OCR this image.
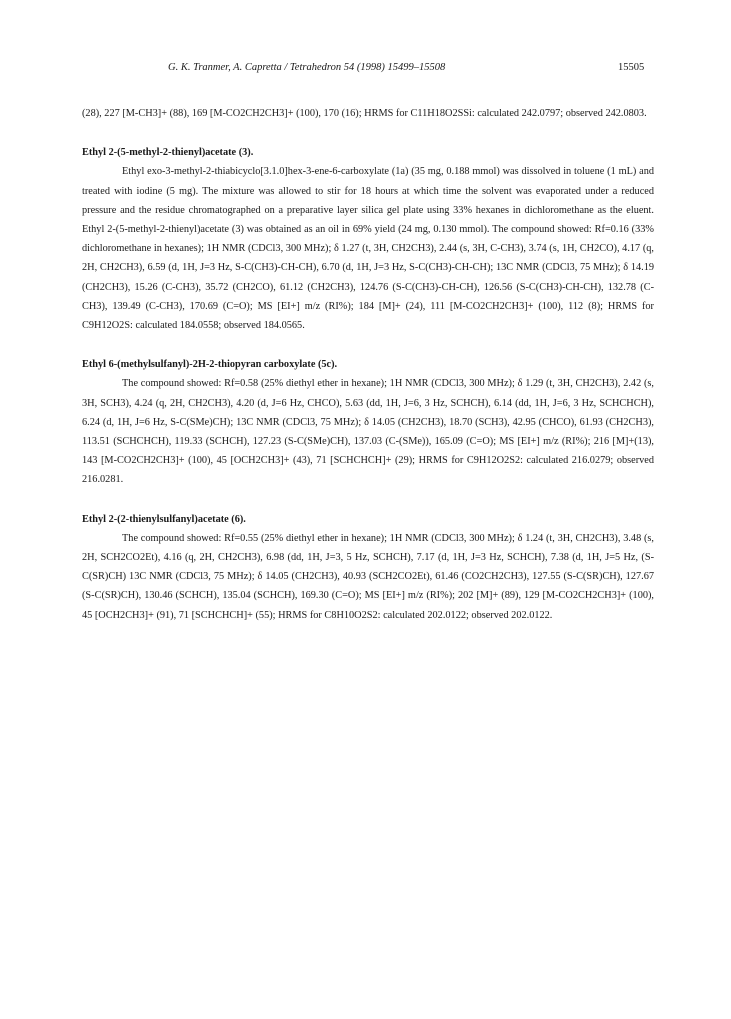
G. K. Tranmer, A. Capretta / Tetrahedron 54 (1998) 15499–15508	15505

(28), 227 [M-CH3]+ (88), 169 [M-CO2CH2CH3]+ (100), 170 (16); HRMS for C11H18O2SSi: calculated 242.0797; observed 242.0803.

Ethyl 2-(5-methyl-2-thienyl)acetate (3).

Ethyl exo-3-methyl-2-thiabicyclo[3.1.0]hex-3-ene-6-carboxylate (1a) (35 mg, 0.188 mmol) was dissolved in toluene (1 mL) and treated with iodine (5 mg). The mixture was allowed to stir for 18 hours at which time the solvent was evaporated under a reduced pressure and the residue chromatographed on a preparative layer silica gel plate using 33% hexanes in dichloromethane as the eluent. Ethyl 2-(5-methyl-2-thienyl)acetate (3) was obtained as an oil in 69% yield (24 mg, 0.130 mmol). The compound showed: Rf=0.16 (33% dichloromethane in hexanes); 1H NMR (CDCl3, 300 MHz); δ 1.27 (t, 3H, CH2CH3), 2.44 (s, 3H, C-CH3), 3.74 (s, 1H, CH2CO), 4.17 (q, 2H, CH2CH3), 6.59 (d, 1H, J=3 Hz, S-C(CH3)-CH-CH), 6.70 (d, 1H, J=3 Hz, S-C(CH3)-CH-CH); 13C NMR (CDCl3, 75 MHz); δ 14.19 (CH2CH3), 15.26 (C-CH3), 35.72 (CH2CO), 61.12 (CH2CH3), 124.76 (S-C(CH3)-CH-CH), 126.56 (S-C(CH3)-CH-CH), 132.78 (C-CH3), 139.49 (C-CH3), 170.69 (C=O); MS [EI+] m/z (RI%); 184 [M]+ (24), 111 [M-CO2CH2CH3]+ (100), 112 (8); HRMS for C9H12O2S: calculated 184.0558; observed 184.0565.

Ethyl 6-(methylsulfanyl)-2H-2-thiopyran carboxylate (5c).

The compound showed: Rf=0.58 (25% diethyl ether in hexane); 1H NMR (CDCl3, 300 MHz); δ 1.29 (t, 3H, CH2CH3), 2.42 (s, 3H, SCH3), 4.24 (q, 2H, CH2CH3), 4.20 (d, J=6 Hz, CHCO), 5.63 (dd, 1H, J=6, 3 Hz, SCHCH), 6.14 (dd, 1H, J=6, 3 Hz, SCHCHCH), 6.24 (d, 1H, J=6 Hz, S-C(SMe)CH); 13C NMR (CDCl3, 75 MHz); δ 14.05 (CH2CH3), 18.70 (SCH3), 42.95 (CHCO), 61.93 (CH2CH3), 113.51 (SCHCHCH), 119.33 (SCHCH), 127.23 (S-C(SMe)CH), 137.03 (C-(SMe)), 165.09 (C=O); MS [EI+] m/z (RI%); 216 [M]+(13), 143 [M-CO2CH2CH3]+ (100), 45 [OCH2CH3]+ (43), 71 [SCHCHCH]+ (29); HRMS for C9H12O2S2: calculated 216.0279; observed 216.0281.

Ethyl 2-(2-thienylsulfanyl)acetate (6).

The compound showed: Rf=0.55 (25% diethyl ether in hexane); 1H NMR (CDCl3, 300 MHz); δ 1.24 (t, 3H, CH2CH3), 3.48 (s, 2H, SCH2CO2Et), 4.16 (q, 2H, CH2CH3), 6.98 (dd, 1H, J=3, 5 Hz, SCHCH), 7.17 (d, 1H, J=3 Hz, SCHCH), 7.38 (d, 1H, J=5 Hz, (S-C(SR)CH) 13C NMR (CDCl3, 75 MHz); δ 14.05 (CH2CH3), 40.93 (SCH2CO2Et), 61.46 (CO2CH2CH3), 127.55 (S-C(SR)CH), 127.67 (S-C(SR)CH), 130.46 (SCHCH), 135.04 (SCHCH), 169.30 (C=O); MS [EI+] m/z (RI%); 202 [M]+ (89), 129 [M-CO2CH2CH3]+ (100), 45 [OCH2CH3]+ (91), 71 [SCHCHCH]+ (55); HRMS for C8H10O2S2: calculated 202.0122; observed 202.0122.
